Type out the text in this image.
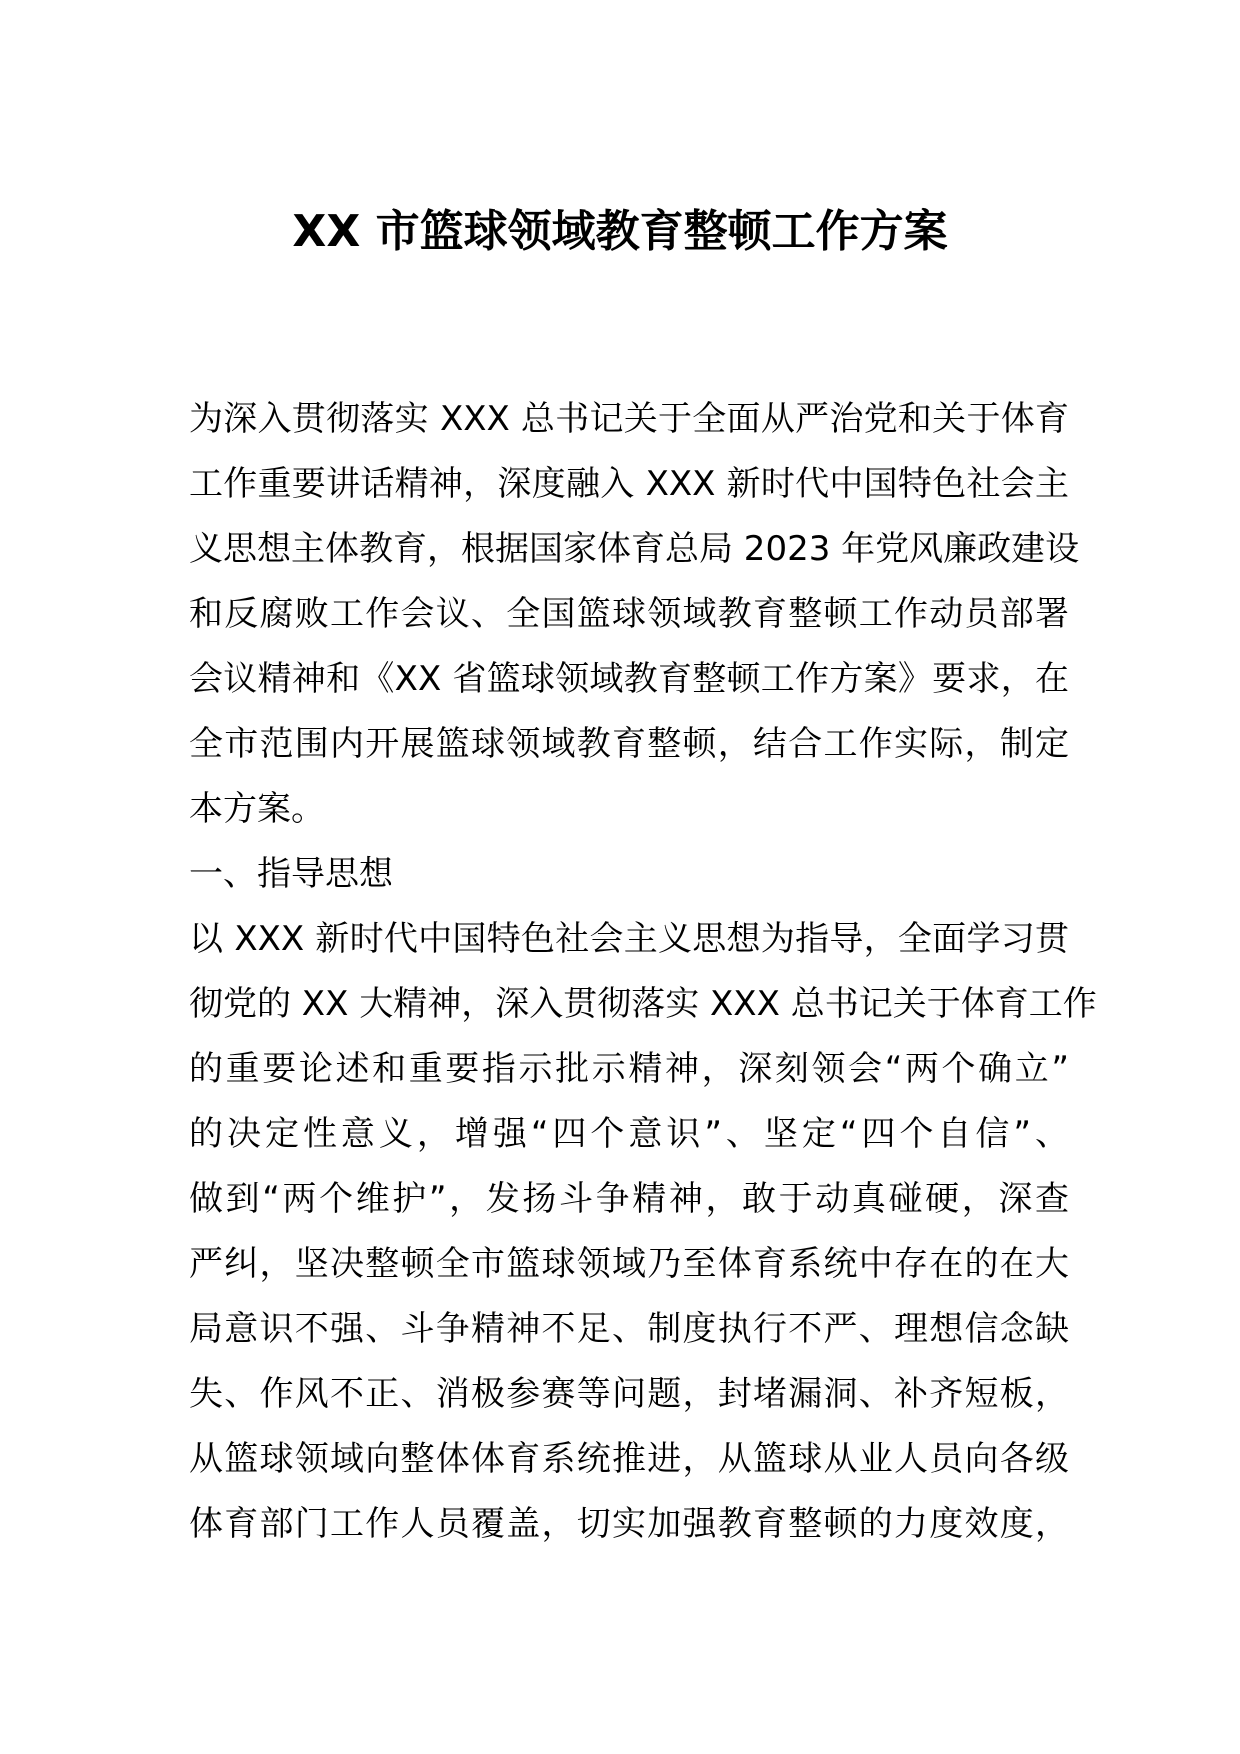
XX 市篮球领域教育整顿工作方案
为深入贯彻落实 XXX 总书记关于全面从严治党和关于体育
工作重要讲话精神，深度融入 XXX 新时代中国特色社会主
义思想主体教育，根据国家体育总局 2023 年党风廉政建设
和反腐败工作会议、全国篮球领域教育整顿工作动员部署
会议精神和《XX 省篮球领域教育整顿工作方案》要求，在
全市范围内开展篮球领域教育整顿，结合工作实际，制定
本方案。
一、指导思想
以 XXX 新时代中国特色社会主义思想为指导，全面学习贯
彻党的 XX 大精神，深入贯彻落实 XXX 总书记关于体育工作
的重要论述和重要指示批示精神，深刻领会“两个确立”
的决定性意义，增强“四个意识”、坚定“四个自信”、
做到“两个维护”，发扬斗争精神，敢于动真碰硬，深查
严纠，坚决整顿全市篮球领域乃至体育系统中存在的在大
局意识不强、斗争精神不足、制度执行不严、理想信念缺
失、作风不正、消极参赛等问题，封堵漏洞、补齐短板，
从篮球领域向整体体育系统推进，从篮球从业人员向各级
体育部门工作人员覆盖，切实加强教育整顿的力度效度，
